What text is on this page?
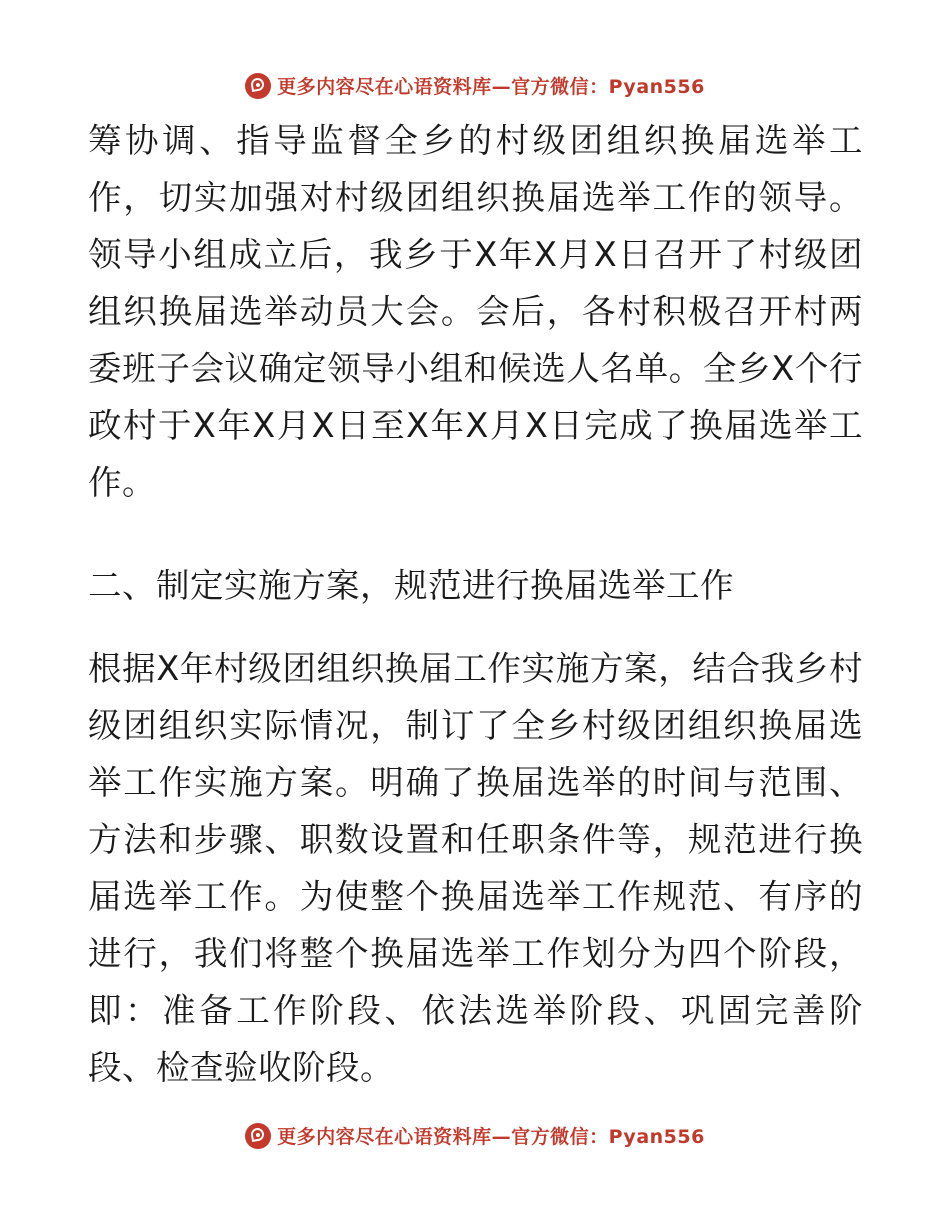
更多内容尽在心语资料库—官方微信：Pyan556

筹协调、指导监督全乡的村级团组织换届选举工作，切实加强对村级团组织换届选举工作的领导。领导小组成立后，我乡于X年X月X日召开了村级团组织换届选举动员大会。会后，各村积极召开村两委班子会议确定领导小组和候选人名单。全乡X个行政村于X年X月X日至X年X月X日完成了换届选举工作。

二、制定实施方案，规范进行换届选举工作

根据X年村级团组织换届工作实施方案，结合我乡村级团组织实际情况，制订了全乡村级团组织换届选举工作实施方案。明确了换届选举的时间与范围、方法和步骤、职数设置和任职条件等，规范进行换届选举工作。为使整个换届选举工作规范、有序的进行，我们将整个换届选举工作划分为四个阶段，即：准备工作阶段、依法选举阶段、巩固完善阶段、检查验收阶段。

更多内容尽在心语资料库—官方微信：Pyan556
